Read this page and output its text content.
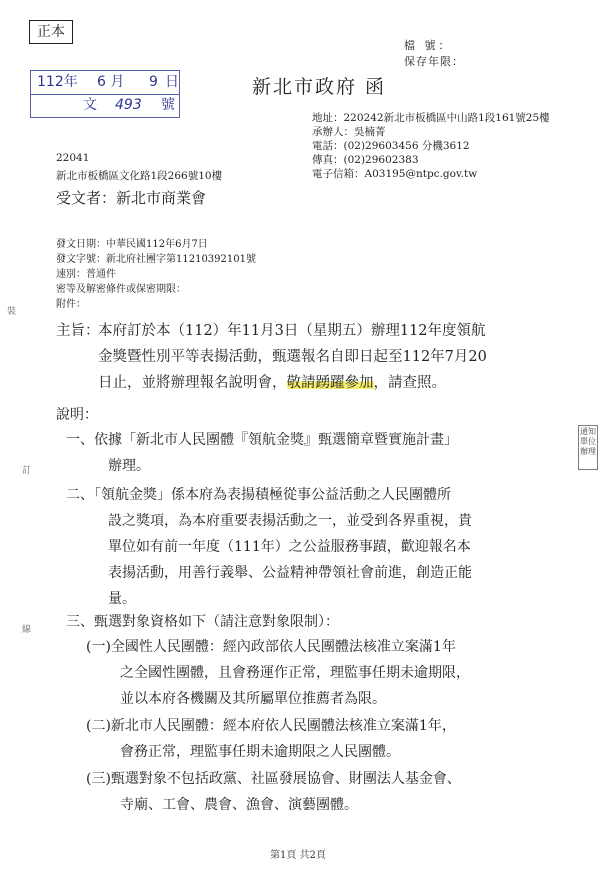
正本
檔 號：
保存年限：
112年 6 月 9 日
文 493 號
新北市政府 函
地址：220242新北市板橋區中山路1段161號25樓
承辦人：吳楠菁
電話：(02)29603456 分機3612
傳真：(02)29602383
電子信箱：A03195@ntpc.gov.tw
22041
新北市板橋區文化路1段266號10樓
受文者：新北市商業會
發文日期：中華民國112年6月7日
發文字號：新北府社團字第11210392101號
速別：普通件
密等及解密條件或保密期限：
附件：
裝
訂
線
主旨：
本府訂於本（112）年11月3日（星期五）辦理112年度領航
金獎暨性別平等表揚活動，甄選報名自即日起至112年7月20
日止，並將辦理報名說明會，敬請踴躍參加，請查照。
說明：
一、依據「新北市人民團體『領航金獎』甄選簡章暨實施計畫」
辦理。
二、「領航金獎」係本府為表揚積極從事公益活動之人民團體所
設之獎項，為本府重要表揚活動之一，並受到各界重視，貴
單位如有前一年度（111年）之公益服務事蹟，歡迎報名本
表揚活動，用善行義舉、公益精神帶領社會前進，創造正能
量。
三、甄選對象資格如下（請注意對象限制）：
(一)全國性人民團體：經內政部依人民團體法核准立案滿1年
之全國性團體，且會務運作正常，理監事任期未逾期限，
並以本府各機關及其所屬單位推薦者為限。
(二)新北市人民團體：經本府依人民團體法核准立案滿1年，
會務正常，理監事任期未逾期限之人民團體。
(三)甄選對象不包括政黨、社區發展協會、財團法人基金會、
寺廟、工會、農會、漁會、演藝團體。
通知單位辦理
第1頁 共2頁
